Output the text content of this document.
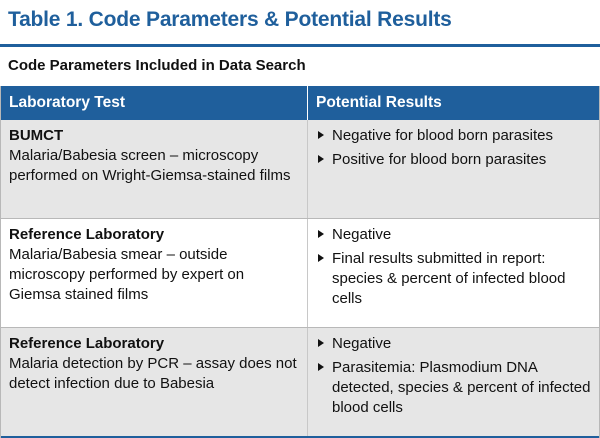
Table 1. Code Parameters & Potential Results
Code Parameters Included in Data Search
Laboratory Test	Potential Results
BUMCT
Malaria/Babesia screen – microscopy performed on Wright-Giemsa-stained films
Negative for blood born parasites
Positive for blood born parasites
Reference Laboratory
Malaria/Babesia smear – outside microscopy performed by expert on Giemsa stained films
Negative
Final results submitted in report: species & percent of infected blood cells
Reference Laboratory
Malaria detection by PCR – assay does not detect infection due to Babesia
Negative
Parasitemia: Plasmodium DNA detected, species & percent of infected blood cells
